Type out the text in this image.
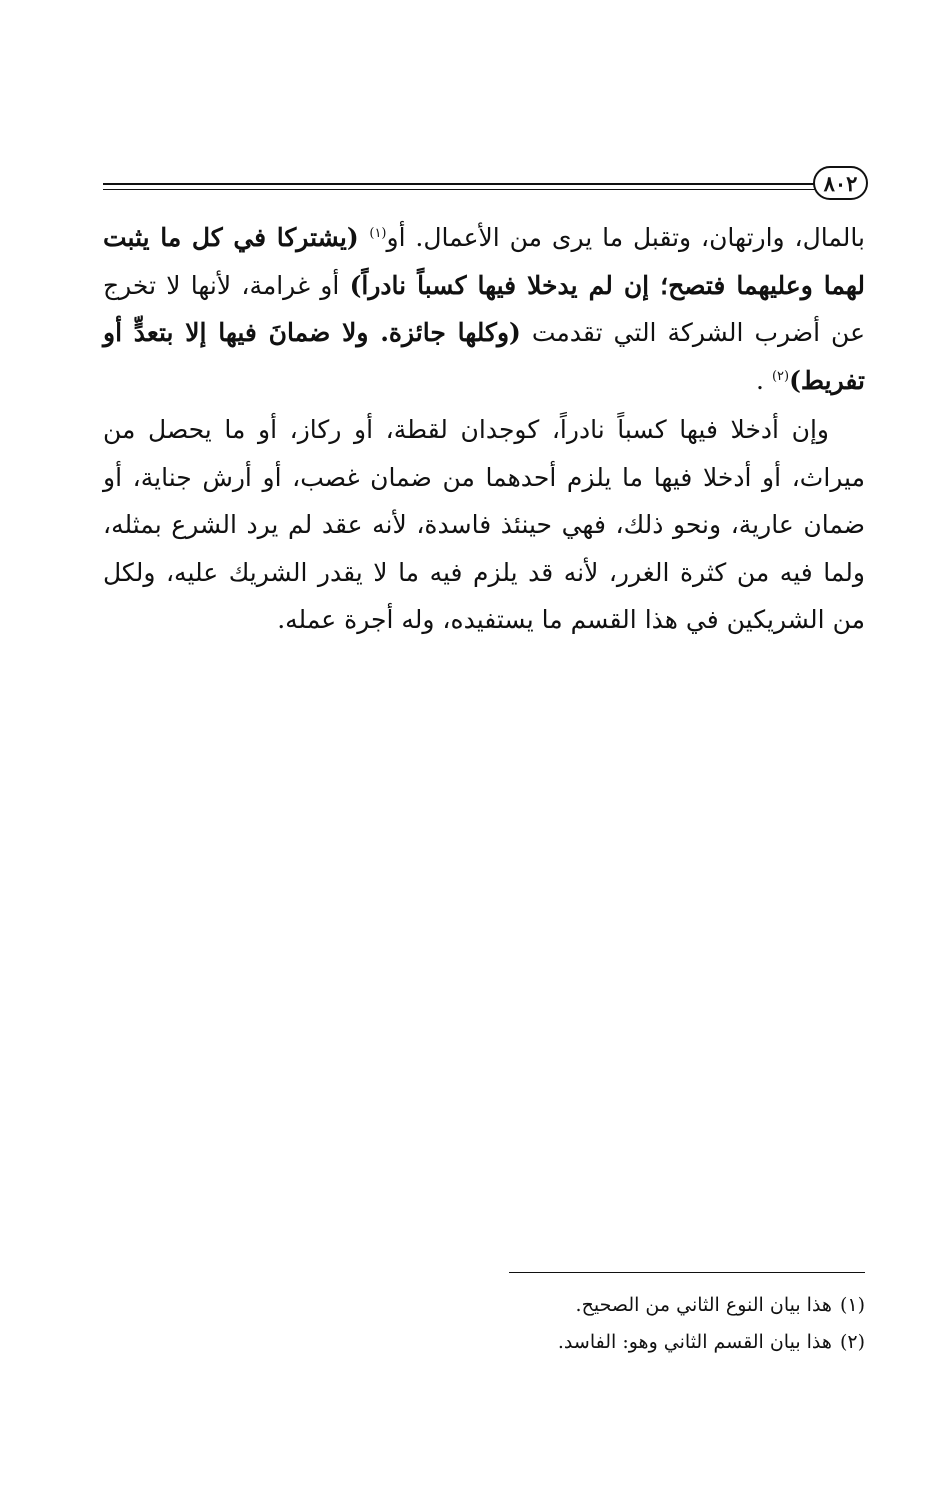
٨٠٢

بالمال، وارتهان، وتقبل ما يرى من الأعمال. أو$^{(١)}$ (يشتركا في كل ما يثبت لهما وعليهما فتصح؛ إن لم يدخلا فيها كسباً نادراً) أو غرامة، لأنها لا تخرج عن أضرب الشركة التي تقدمت (وكلها جائزة. ولا ضمانَ فيها إلا بتعدٍّ أو تفريط)$^{(٢)}$ .

وإن أدخلا فيها كسباً نادراً، كوجدان لقطة، أو ركاز، أو ما يحصل من ميراث، أو أدخلا فيها ما يلزم أحدهما من ضمان غصب، أو أرش جناية، أو ضمان عارية، ونحو ذلك، فهي حينئذ فاسدة، لأنه عقد لم يرد الشرع بمثله، ولما فيه من كثرة الغرر، لأنه قد يلزم فيه ما لا يقدر الشريك عليه، ولكل من الشريكين في هذا القسم ما يستفيده، وله أجرة عمله.

(١)هذا بيان النوع الثاني من الصحيح.
(٢)هذا بيان القسم الثاني وهو: الفاسد.
